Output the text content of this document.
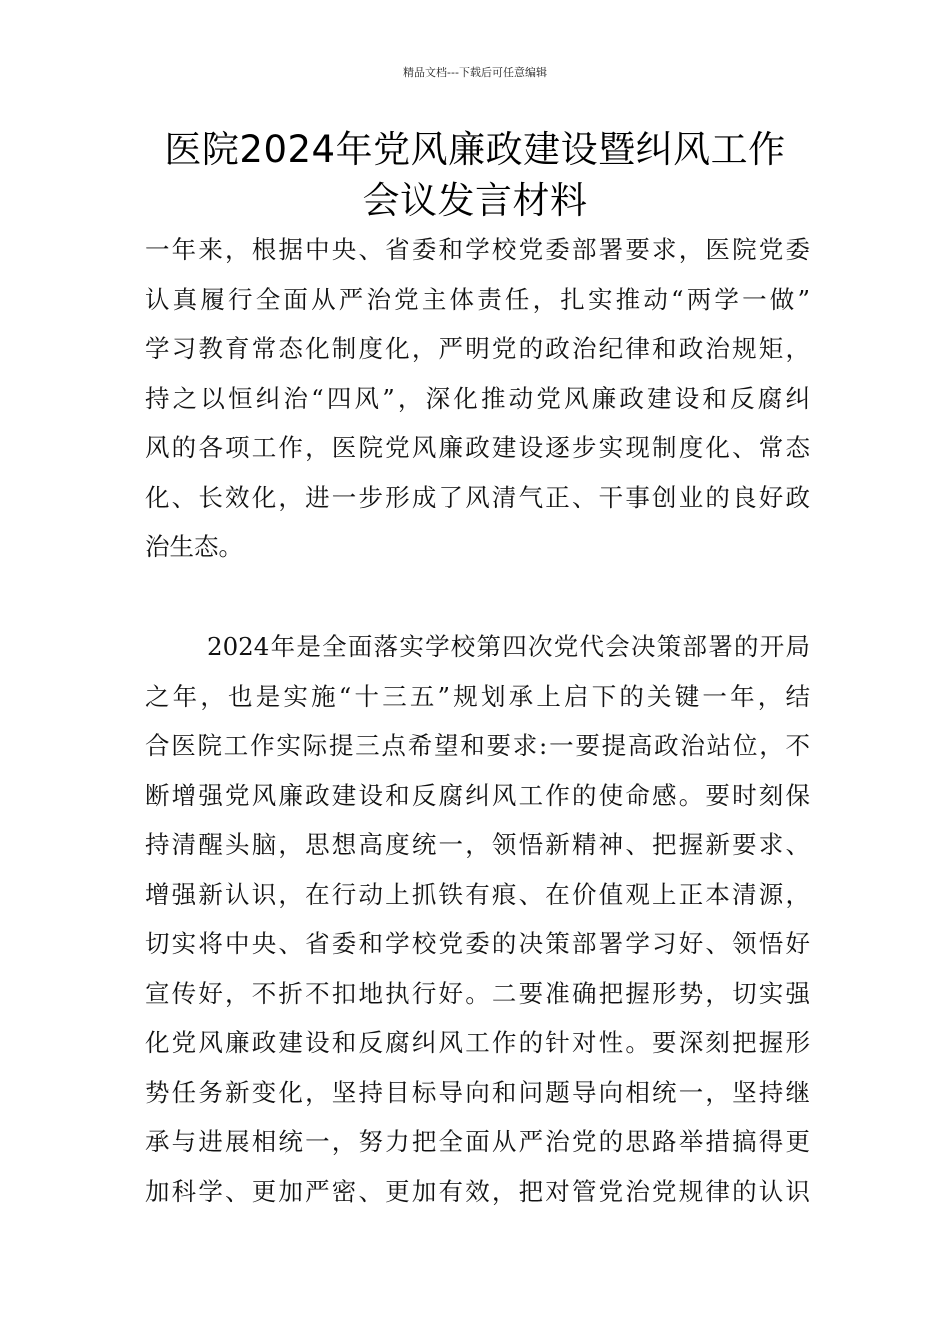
精品文档---下载后可任意编辑
医院2024年党风廉政建设暨纠风工作
会议发言材料
一年来，根据中央、省委和学校党委部署要求，医院党委
认真履行全面从严治党主体责任，扎实推动“两学一做”
学习教育常态化制度化，严明党的政治纪律和政治规矩，
持之以恒纠治“四风”，深化推动党风廉政建设和反腐纠
风的各项工作，医院党风廉政建设逐步实现制度化、常态
化、长效化，进一步形成了风清气正、干事创业的良好政
治生态。
2024年是全面落实学校第四次党代会决策部署的开局
之年，也是实施“十三五”规划承上启下的关键一年，结
合医院工作实际提三点希望和要求:一要提高政治站位，不
断增强党风廉政建设和反腐纠风工作的使命感。要时刻保
持清醒头脑，思想高度统一，领悟新精神、把握新要求、
增强新认识，在行动上抓铁有痕、在价值观上正本清源，
切实将中央、省委和学校党委的决策部署学习好、领悟好
宣传好，不折不扣地执行好。二要准确把握形势，切实强
化党风廉政建设和反腐纠风工作的针对性。要深刻把握形
势任务新变化，坚持目标导向和问题导向相统一，坚持继
承与进展相统一，努力把全面从严治党的思路举措搞得更
加科学、更加严密、更加有效，把对管党治党规律的认识
